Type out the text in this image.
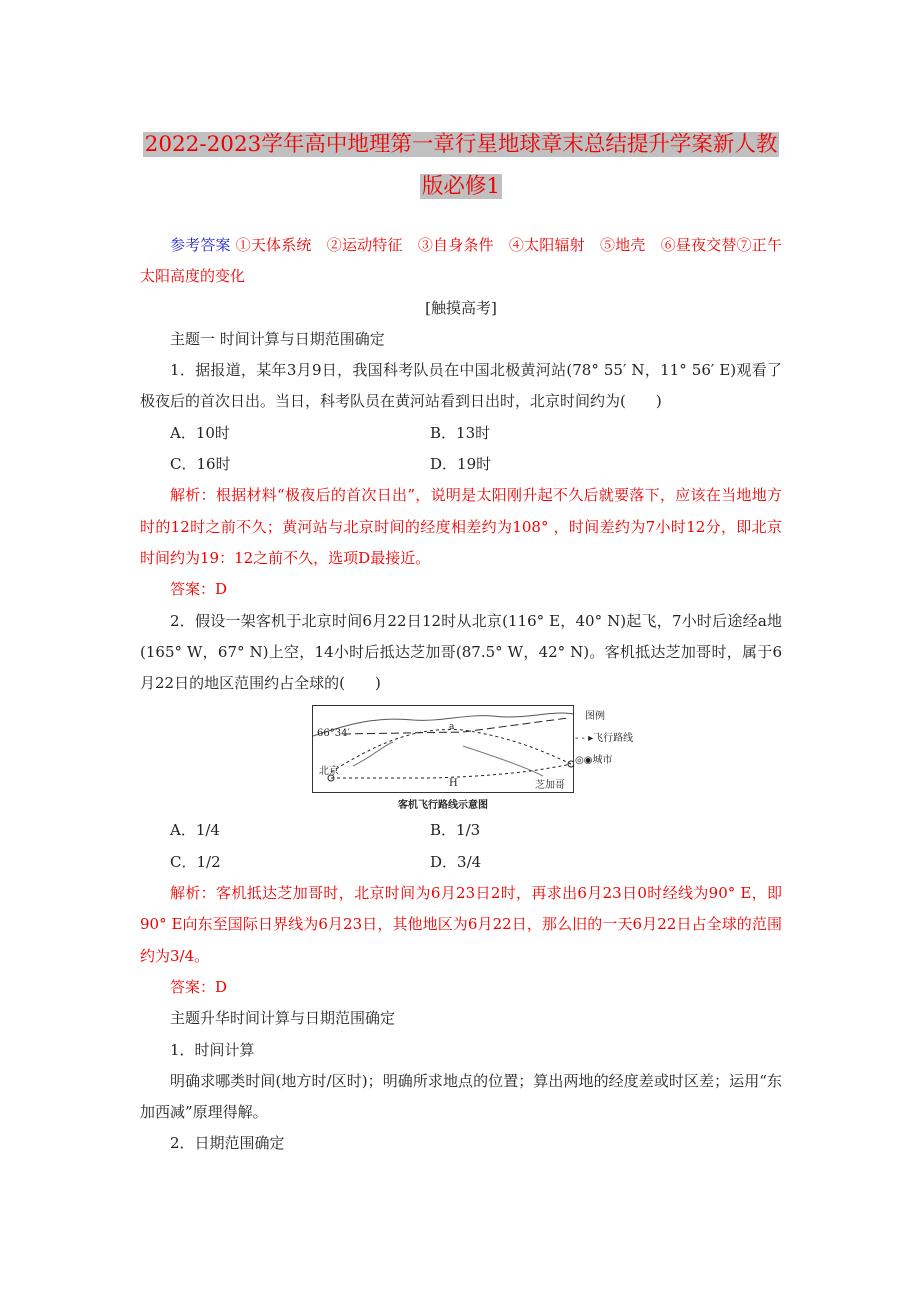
2022-2023学年高中地理第一章行星地球章末总结提升学案新人教
版必修1

参考答案 ①天体系统　②运动特征　③自身条件　④太阳辐射　⑤地壳　⑥昼夜交替⑦正午太阳高度的变化

[触摸高考]

主题一 时间计算与日期范围确定

1．据报道，某年3月9日，我国科考队员在中国北极黄河站(78° 55′ N，11° 56′ E)观看了极夜后的首次日出。当日，科考队员在黄河站看到日出时，北京时间约为(　　)

A．10时	B．13时
C．16时	D．19时

解析：根据材料“极夜后的首次日出”，说明是太阳刚升起不久后就要落下，应该在当地地方时的12时之前不久；黄河站与北京时间的经度相差约为108° ，时间差约为7小时12分，即北京时间约为19：12之前不久，选项D最接近。

答案：D

2．假设一架客机于北京时间6月22日12时从北京(116° E，40° N)起飞，7小时后途经a地(165° W，67° N)上空，14小时后抵达芝加哥(87.5° W，42° N)。客机抵达芝加哥时，属于6月22日的地区范围约占全球的(　　)

66°34′
a
H
北京
芝加哥
图例
- - ▸飞行路线
◎◉城市
客机飞行路线示意图
A．1/4	B．1/3
C．1/2	D．3/4

解析：客机抵达芝加哥时，北京时间为6月23日2时，再求出6月23日0时经线为90° E，即90° E向东至国际日界线为6月23日，其他地区为6月22日，那么旧的一天6月22日占全球的范围约为3/4。

答案：D

主题升华时间计算与日期范围确定

1．时间计算

明确求哪类时间(地方时/区时)；明确所求地点的位置；算出两地的经度差或时区差；运用“东加西减”原理得解。

2．日期范围确定
